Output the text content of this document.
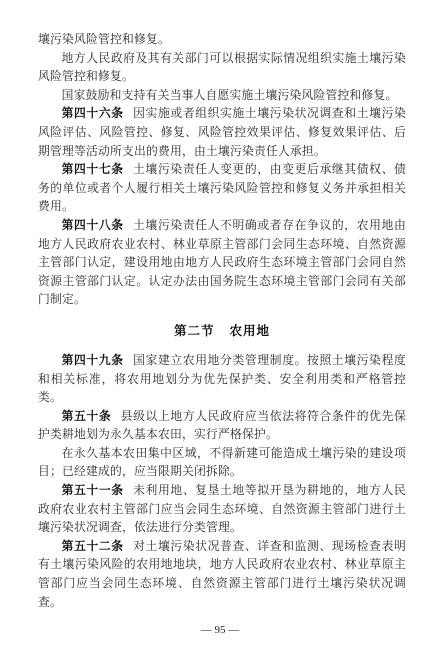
壤污染风险管控和修复。

地方人民政府及其有关部门可以根据实际情况组织实施土壤污染风险管控和修复。

国家鼓励和支持有关当事人自愿实施土壤污染风险管控和修复。

第四十六条 因实施或者组织实施土壤污染状况调查和土壤污染风险评估、风险管控、修复、风险管控效果评估、修复效果评估、后期管理等活动所支出的费用，由土壤污染责任人承担。

第四十七条 土壤污染责任人变更的，由变更后承继其债权、债务的单位或者个人履行相关土壤污染风险管控和修复义务并承担相关费用。

第四十八条 土壤污染责任人不明确或者存在争议的，农用地由地方人民政府农业农村、林业草原主管部门会同生态环境、自然资源主管部门认定，建设用地由地方人民政府生态环境主管部门会同自然资源主管部门认定。认定办法由国务院生态环境主管部门会同有关部门制定。

第二节 农用地

第四十九条 国家建立农用地分类管理制度。按照土壤污染程度和相关标准，将农用地划分为优先保护类、安全利用类和严格管控类。

第五十条 县级以上地方人民政府应当依法将符合条件的优先保护类耕地划为永久基本农田，实行严格保护。

在永久基本农田集中区域，不得新建可能造成土壤污染的建设项目；已经建成的，应当限期关闭拆除。

第五十一条 未利用地、复垦土地等拟开垦为耕地的，地方人民政府农业农村主管部门应当会同生态环境、自然资源主管部门进行土壤污染状况调查，依法进行分类管理。

第五十二条 对土壤污染状况普查、详查和监测、现场检查表明有土壤污染风险的农用地地块，地方人民政府农业农村、林业草原主管部门应当会同生态环境、自然资源主管部门进行土壤污染状况调查。

— 95 —
